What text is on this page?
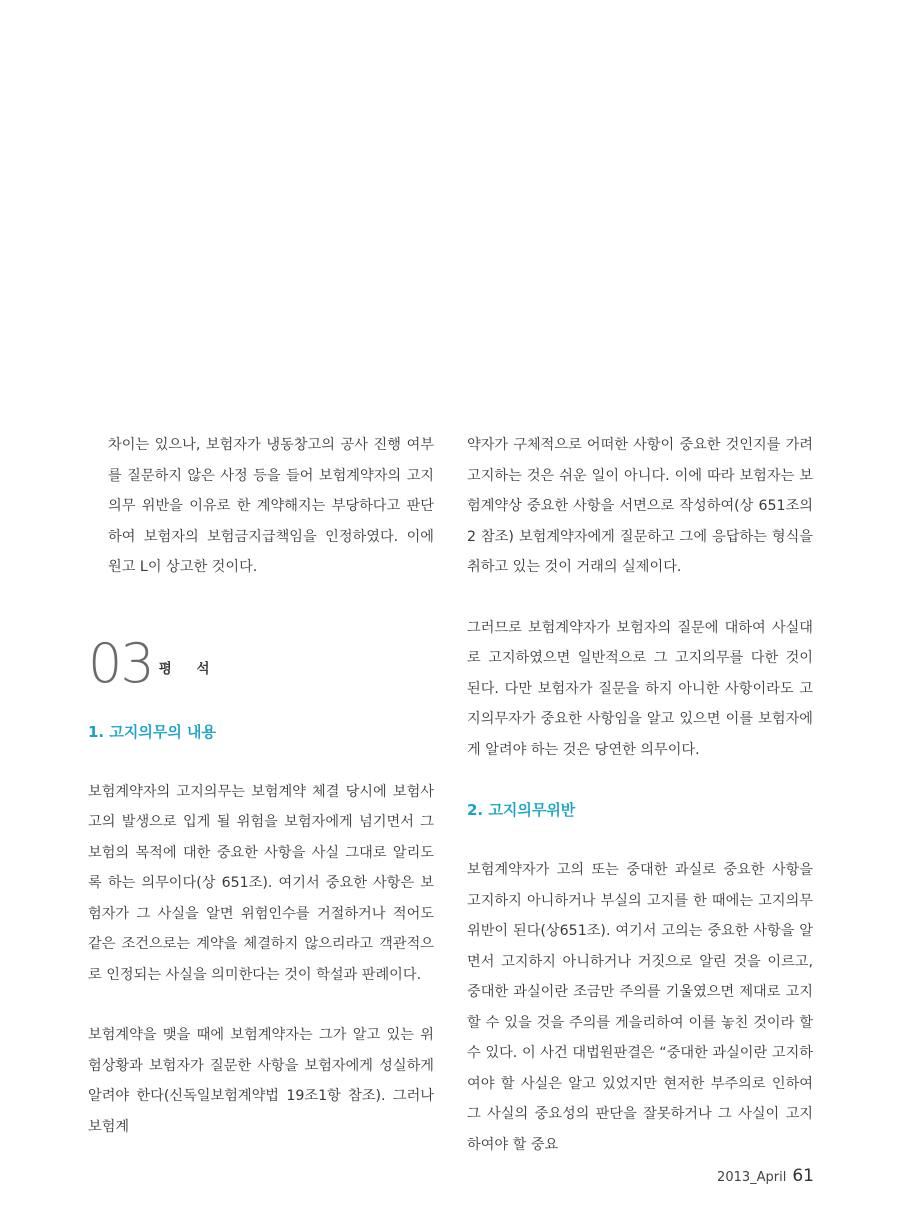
차이는 있으나, 보험자가 냉동창고의 공사 진행 여부를 질문하지 않은 사정 등을 들어 보험계약자의 고지의무 위반을 이유로 한 계약해지는 부당하다고 판단하여 보험자의 보험금지급책임을 인정하였다. 이에 원고 L이 상고한 것이다.

03 평 석
1. 고지의무의 내용

보험계약자의 고지의무는 보험계약 체결 당시에 보험사고의 발생으로 입게 될 위험을 보험자에게 넘기면서 그 보험의 목적에 대한 중요한 사항을 사실 그대로 알리도록 하는 의무이다(상 651조). 여기서 중요한 사항은 보험자가 그 사실을 알면 위험인수를 거절하거나 적어도 같은 조건으로는 계약을 체결하지 않으리라고 객관적으로 인정되는 사실을 의미한다는 것이 학설과 판례이다.

보험계약을 맺을 때에 보험계약자는 그가 알고 있는 위험상황과 보험자가 질문한 사항을 보험자에게 성실하게 알려야 한다(신독일보험계약법 19조1항 참조). 그러나 보험계

약자가 구체적으로 어떠한 사항이 중요한 것인지를 가려 고지하는 것은 쉬운 일이 아니다. 이에 따라 보험자는 보험계약상 중요한 사항을 서면으로 작성하여(상 651조의2 참조) 보험계약자에게 질문하고 그에 응답하는 형식을 취하고 있는 것이 거래의 실제이다.

그러므로 보험계약자가 보험자의 질문에 대하여 사실대로 고지하였으면 일반적으로 그 고지의무를 다한 것이 된다. 다만 보험자가 질문을 하지 아니한 사항이라도 고지의무자가 중요한 사항임을 알고 있으면 이를 보험자에게 알려야 하는 것은 당연한 의무이다.

2. 고지의무위반

보험계약자가 고의 또는 중대한 과실로 중요한 사항을 고지하지 아니하거나 부실의 고지를 한 때에는 고지의무위반이 된다(상651조). 여기서 고의는 중요한 사항을 알면서 고지하지 아니하거나 거짓으로 알린 것을 이르고, 중대한 과실이란 조금만 주의를 기울였으면 제대로 고지할 수 있을 것을 주의를 게을리하여 이를 놓친 것이라 할 수 있다. 이 사건 대법원판결은 “중대한 과실이란 고지하여야 할 사실은 알고 있었지만 현저한 부주의로 인하여 그 사실의 중요성의 판단을 잘못하거나 그 사실이 고지하여야 할 중요

2013_April 61
